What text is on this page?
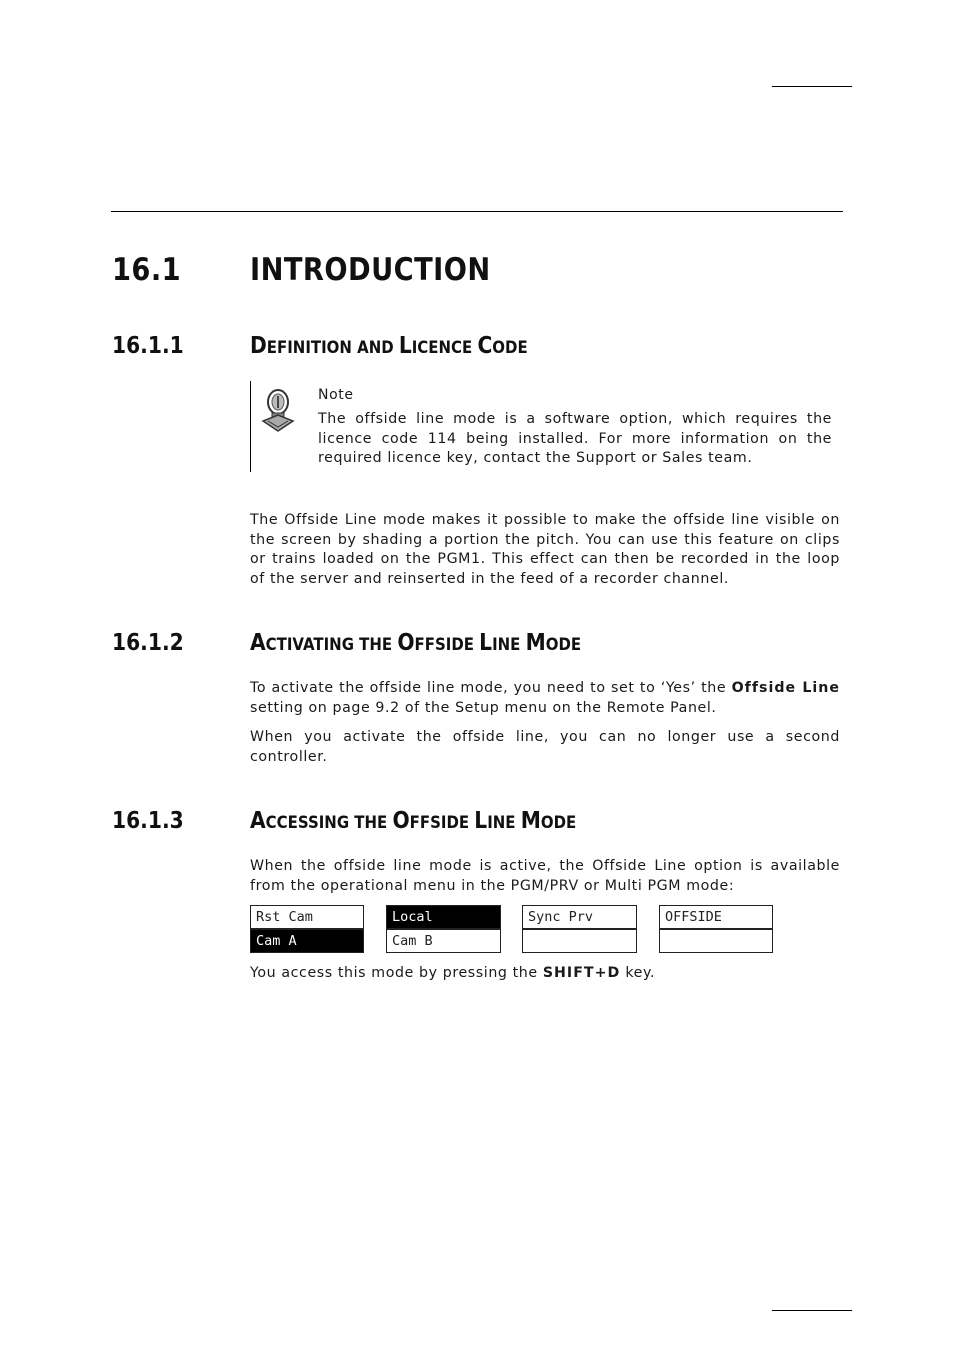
16.1 INTRODUCTION
16.1.1	DEFINITION AND LICENCE CODE
Note
The offside line mode is a software option, which requires the
licence code 114 being installed. For more information on the
required licence key, contact the Support or Sales team.
The Offside Line mode makes it possible to make the offside line visible on the screen by shading a portion the pitch. You can use this feature on clips or trains loaded on the PGM1. This effect can then be recorded in the loop of the server and reinserted in the feed of a recorder channel.
16.1.2	ACTIVATING THE OFFSIDE LINE MODE
To activate the offside line mode, you need to set to ‘Yes’ the Offside Line setting on page 9.2 of the Setup menu on the Remote Panel.
When you activate the offside line, you can no longer use a second controller.
16.1.3	ACCESSING THE OFFSIDE LINE MODE
When the offside line mode is active, the Offside Line option is available from the operational menu in the PGM/PRV or Multi PGM mode:
Rst Cam
Cam A
Local
Cam B
Sync Prv	OFFSIDE
You access this mode by pressing the SHIFT+D key.
